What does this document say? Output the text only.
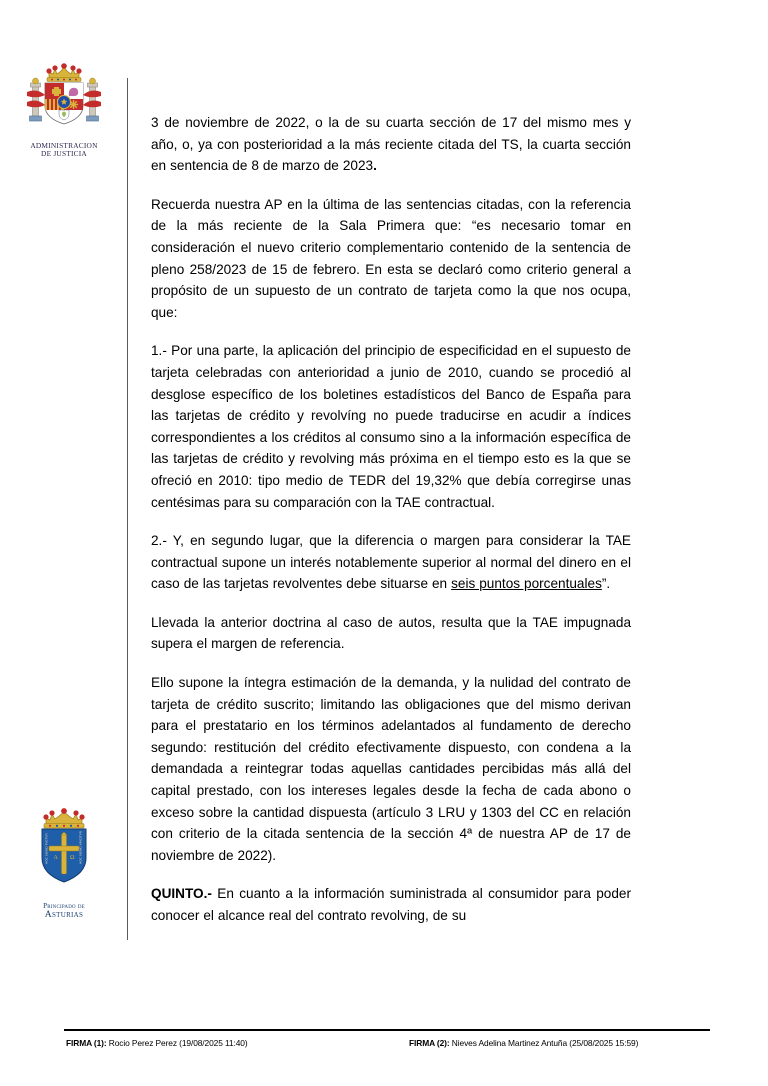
ADMINISTRACION
DE JUSTICIA
A Ω
HOC SIGNO TVETVR	HOC SIGNO VINCITVR
Principado de
Asturias

3 de noviembre de 2022, o la de su cuarta sección de 17 del mismo mes y año, o, ya con posterioridad a la más reciente citada del TS, la cuarta sección en sentencia de 8 de marzo de 2023.

Recuerda nuestra AP en la última de las sentencias citadas, con la referencia de la más reciente de la Sala Primera que: “es necesario tomar en consideración el nuevo criterio complementario contenido de la sentencia de pleno 258/2023 de 15 de febrero. En esta se declaró como criterio general a propósito de un supuesto de un contrato de tarjeta como la que nos ocupa, que:

1.- Por una parte, la aplicación del principio de especificidad en el supuesto de tarjeta celebradas con anterioridad a junio de 2010, cuando se procedió al desglose específico de los boletines estadísticos del Banco de España para las tarjetas de crédito y revolvíng no puede traducirse en acudir a índices correspondientes a los créditos al consumo sino a la información específica de las tarjetas de crédito y revolving más próxima en el tiempo esto es la que se ofreció en 2010: tipo medio de TEDR del 19,32% que debía corregirse unas centésimas para su comparación con la TAE contractual.

2.- Y, en segundo lugar, que la diferencia o margen para considerar la TAE contractual supone un interés notablemente superior al normal del dinero en el caso de las tarjetas revolventes debe situarse en seis puntos porcentuales”.

Llevada la anterior doctrina al caso de autos, resulta que la TAE impugnada supera el margen de referencia.

Ello supone la íntegra estimación de la demanda, y la nulidad del contrato de tarjeta de crédito suscrito; limitando las obligaciones que del mismo derivan para el prestatario en los términos adelantados al fundamento de derecho segundo: restitución del crédito efectivamente dispuesto, con condena a la demandada a reintegrar todas aquellas cantidades percibidas más allá del capital prestado, con los intereses legales desde la fecha de cada abono o exceso sobre la cantidad dispuesta (artículo 3 LRU y 1303 del CC en relación con criterio de la citada sentencia de la sección 4ª de nuestra AP de 17 de noviembre de 2022).

QUINTO.- En cuanto a la información suministrada al consumidor para poder conocer el alcance real del contrato revolving, de su

FIRMA (1): Rocio Perez Perez (19/08/2025 11:40)	FIRMA (2): Nieves Adelina Martinez Antuña (25/08/2025 15:59)
